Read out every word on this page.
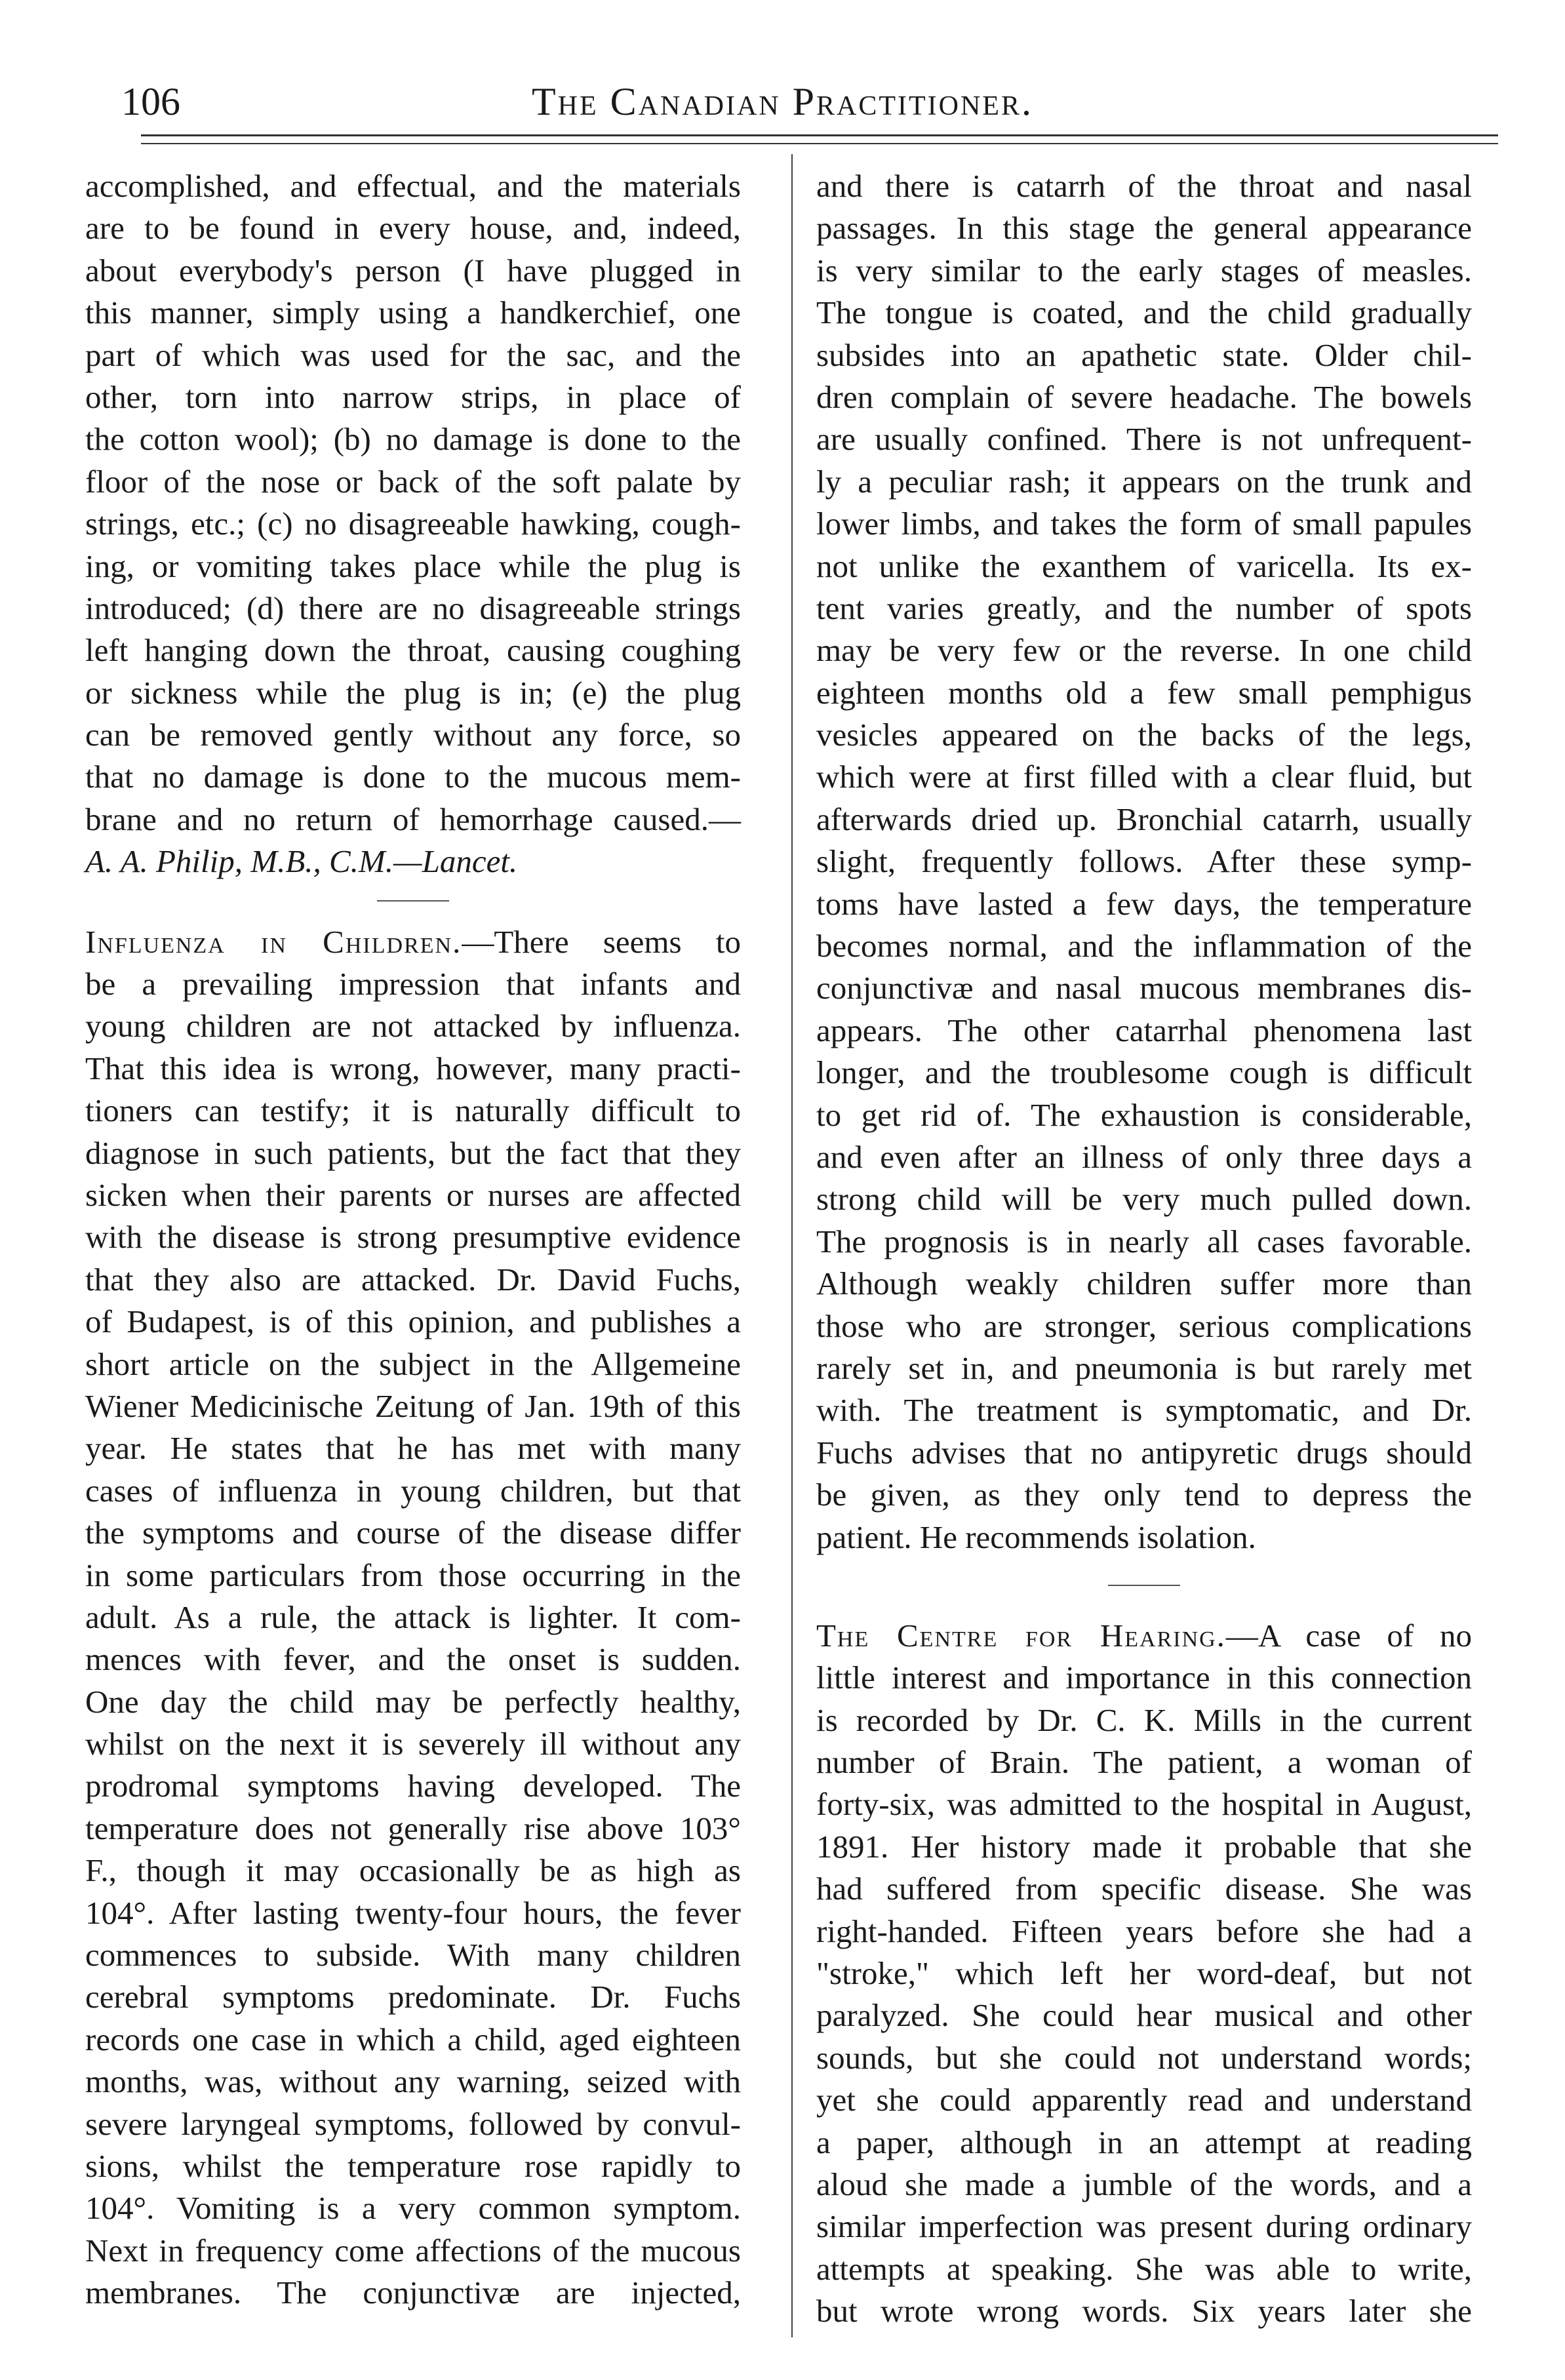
106	The Canadian Practitioner.
accomplished, and effectual, and the materials
are to be found in every house, and, indeed,
about everybody's person (I have plugged in
this manner, simply using a handkerchief, one
part of which was used for the sac, and the
other, torn into narrow strips, in place of
the cotton wool); (b) no damage is done to the
floor of the nose or back of the soft palate by
strings, etc.; (c) no disagreeable hawking, cough-
ing, or vomiting takes place while the plug is
introduced; (d) there are no disagreeable strings
left hanging down the throat, causing coughing
or sickness while the plug is in; (e) the plug
can be removed gently without any force, so
that no damage is done to the mucous mem-
brane and no return of hemorrhage caused.—
A. A. Philip, M.B., C.M.—Lancet.
Influenza in Children.—There seems to
be a prevailing impression that infants and
young children are not attacked by influenza.
That this idea is wrong, however, many practi-
tioners can testify; it is naturally difficult to
diagnose in such patients, but the fact that they
sicken when their parents or nurses are affected
with the disease is strong presumptive evidence
that they also are attacked. Dr. David Fuchs,
of Budapest, is of this opinion, and publishes a
short article on the subject in the Allgemeine
Wiener Medicinische Zeitung of Jan. 19th of this
year. He states that he has met with many
cases of influenza in young children, but that
the symptoms and course of the disease differ
in some particulars from those occurring in the
adult. As a rule, the attack is lighter. It com-
mences with fever, and the onset is sudden.
One day the child may be perfectly healthy,
whilst on the next it is severely ill without any
prodromal symptoms having developed. The
temperature does not generally rise above 103°
F., though it may occasionally be as high as
104°. After lasting twenty-four hours, the fever
commences to subside. With many children
cerebral symptoms predominate. Dr. Fuchs
records one case in which a child, aged eighteen
months, was, without any warning, seized with
severe laryngeal symptoms, followed by convul-
sions, whilst the temperature rose rapidly to
104°. Vomiting is a very common symptom.
Next in frequency come affections of the mucous
membranes. The conjunctivæ are injected,
and there is catarrh of the throat and nasal
passages. In this stage the general appearance
is very similar to the early stages of measles.
The tongue is coated, and the child gradually
subsides into an apathetic state. Older chil-
dren complain of severe headache. The bowels
are usually confined. There is not unfrequent-
ly a peculiar rash; it appears on the trunk and
lower limbs, and takes the form of small papules
not unlike the exanthem of varicella. Its ex-
tent varies greatly, and the number of spots
may be very few or the reverse. In one child
eighteen months old a few small pemphigus
vesicles appeared on the backs of the legs,
which were at first filled with a clear fluid, but
afterwards dried up. Bronchial catarrh, usually
slight, frequently follows. After these symp-
toms have lasted a few days, the temperature
becomes normal, and the inflammation of the
conjunctivæ and nasal mucous membranes dis-
appears. The other catarrhal phenomena last
longer, and the troublesome cough is difficult
to get rid of. The exhaustion is considerable,
and even after an illness of only three days a
strong child will be very much pulled down.
The prognosis is in nearly all cases favorable.
Although weakly children suffer more than
those who are stronger, serious complications
rarely set in, and pneumonia is but rarely met
with. The treatment is symptomatic, and Dr.
Fuchs advises that no antipyretic drugs should
be given, as they only tend to depress the
patient. He recommends isolation.
The Centre for Hearing.—A case of no
little interest and importance in this connection
is recorded by Dr. C. K. Mills in the current
number of Brain. The patient, a woman of
forty-six, was admitted to the hospital in August,
1891. Her history made it probable that she
had suffered from specific disease. She was
right-handed. Fifteen years before she had a
"stroke," which left her word-deaf, but not
paralyzed. She could hear musical and other
sounds, but she could not understand words;
yet she could apparently read and understand
a paper, although in an attempt at reading
aloud she made a jumble of the words, and a
similar imperfection was present during ordinary
attempts at speaking. She was able to write,
but wrote wrong words. Six years later she
